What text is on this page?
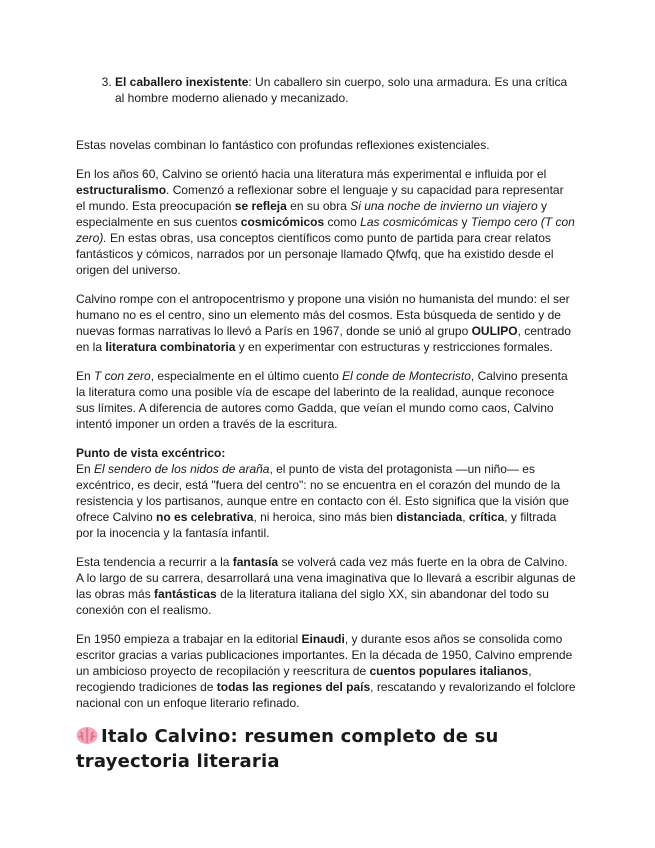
3. El caballero inexistente: Un caballero sin cuerpo, solo una armadura. Es una crítica al hombre moderno alienado y mecanizado.

Estas novelas combinan lo fantástico con profundas reflexiones existenciales.

En los años 60, Calvino se orientó hacia una literatura más experimental e influida por el estructuralismo. Comenzó a reflexionar sobre el lenguaje y su capacidad para representar el mundo. Esta preocupación se refleja en su obra Si una noche de invierno un viajero y especialmente en sus cuentos cosmicómicos como Las cosmicómicas y Tiempo cero (T con zero). En estas obras, usa conceptos científicos como punto de partida para crear relatos fantásticos y cómicos, narrados por un personaje llamado Qfwfq, que ha existido desde el origen del universo.

Calvino rompe con el antropocentrismo y propone una visión no humanista del mundo: el ser humano no es el centro, sino un elemento más del cosmos. Esta búsqueda de sentido y de nuevas formas narrativas lo llevó a París en 1967, donde se unió al grupo OULIPO, centrado en la literatura combinatoria y en experimentar con estructuras y restricciones formales.

En T con zero, especialmente en el último cuento El conde de Montecristo, Calvino presenta la literatura como una posible vía de escape del laberinto de la realidad, aunque reconoce sus límites. A diferencia de autores como Gadda, que veían el mundo como caos, Calvino intentó imponer un orden a través de la escritura.

Punto de vista excéntrico:
En El sendero de los nidos de araña, el punto de vista del protagonista —un niño— es excéntrico, es decir, está "fuera del centro": no se encuentra en el corazón del mundo de la resistencia y los partisanos, aunque entre en contacto con él. Esto significa que la visión que ofrece Calvino no es celebrativa, ni heroica, sino más bien distanciada, crítica, y filtrada por la inocencia y la fantasía infantil.

Esta tendencia a recurrir a la fantasía se volverá cada vez más fuerte en la obra de Calvino. A lo largo de su carrera, desarrollará una vena imaginativa que lo llevará a escribir algunas de las obras más fantásticas de la literatura italiana del siglo XX, sin abandonar del todo su conexión con el realismo.

En 1950 empieza a trabajar en la editorial Einaudi, y durante esos años se consolida como escritor gracias a varias publicaciones importantes. En la década de 1950, Calvino emprende un ambicioso proyecto de recopilación y reescritura de cuentos populares italianos, recogiendo tradiciones de todas las regiones del país, rescatando y revalorizando el folclore nacional con un enfoque literario refinado.

Italo Calvino: resumen completo de su trayectoria literaria
